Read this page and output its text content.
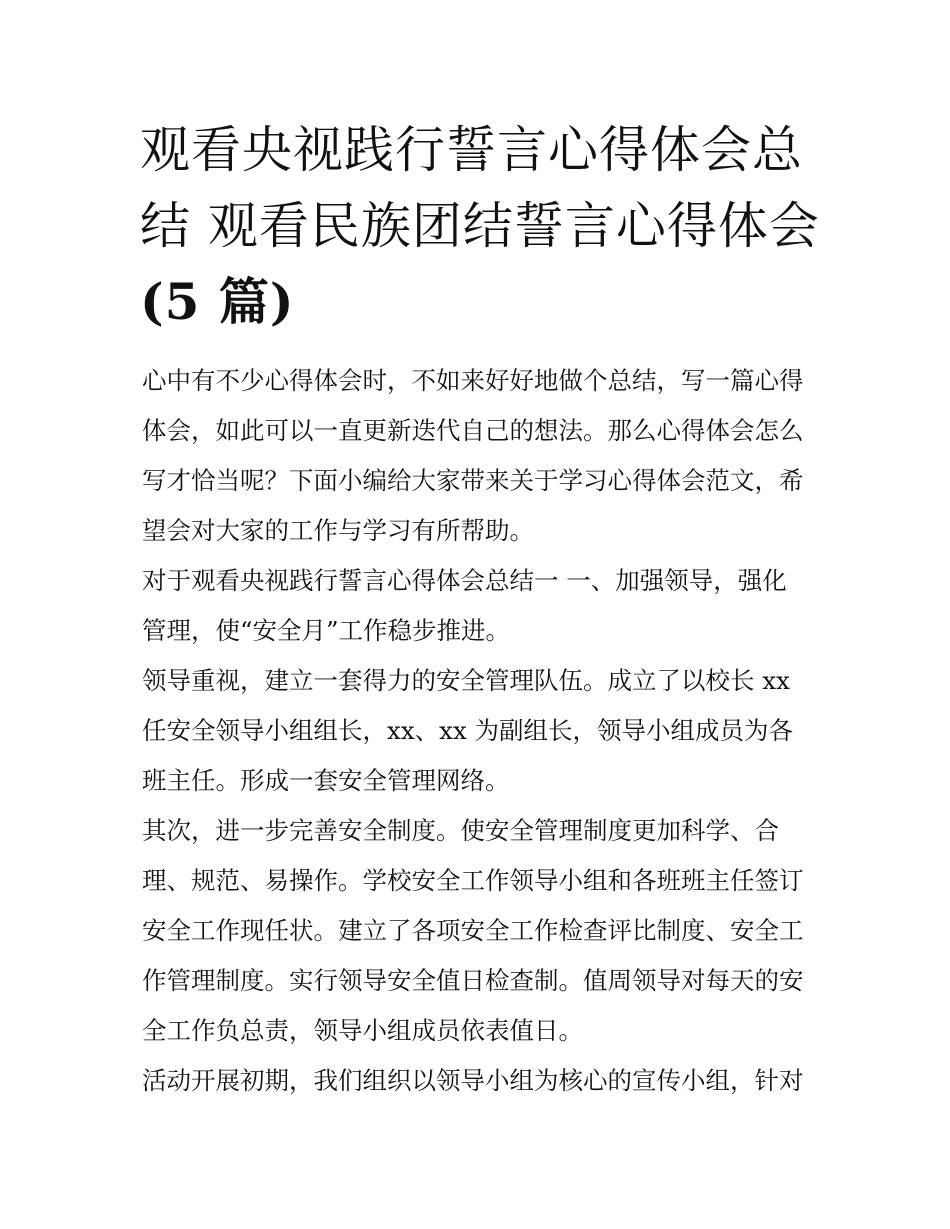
观看央视践行誓言心得体会总
结 观看民族团结誓言心得体会
(5 篇)

心中有不少心得体会时，不如来好好地做个总结，写一篇心得
体会，如此可以一直更新迭代自己的想法。那么心得体会怎么
写才恰当呢？下面小编给大家带来关于学习心得体会范文，希
望会对大家的工作与学习有所帮助。

对于观看央视践行誓言心得体会总结一 一、加强领导，强化
管理，使“安全月”工作稳步推进。

领导重视，建立一套得力的安全管理队伍。成立了以校长 xx
任安全领导小组组长，xx、xx 为副组长，领导小组成员为各
班主任。形成一套安全管理网络。

其次，进一步完善安全制度。使安全管理制度更加科学、合
理、规范、易操作。学校安全工作领导小组和各班班主任签订
安全工作现任状。建立了各项安全工作检查评比制度、安全工
作管理制度。实行领导安全值日检查制。值周领导对每天的安
全工作负总责，领导小组成员依表值日。

活动开展初期，我们组织以领导小组为核心的宣传小组，针对
